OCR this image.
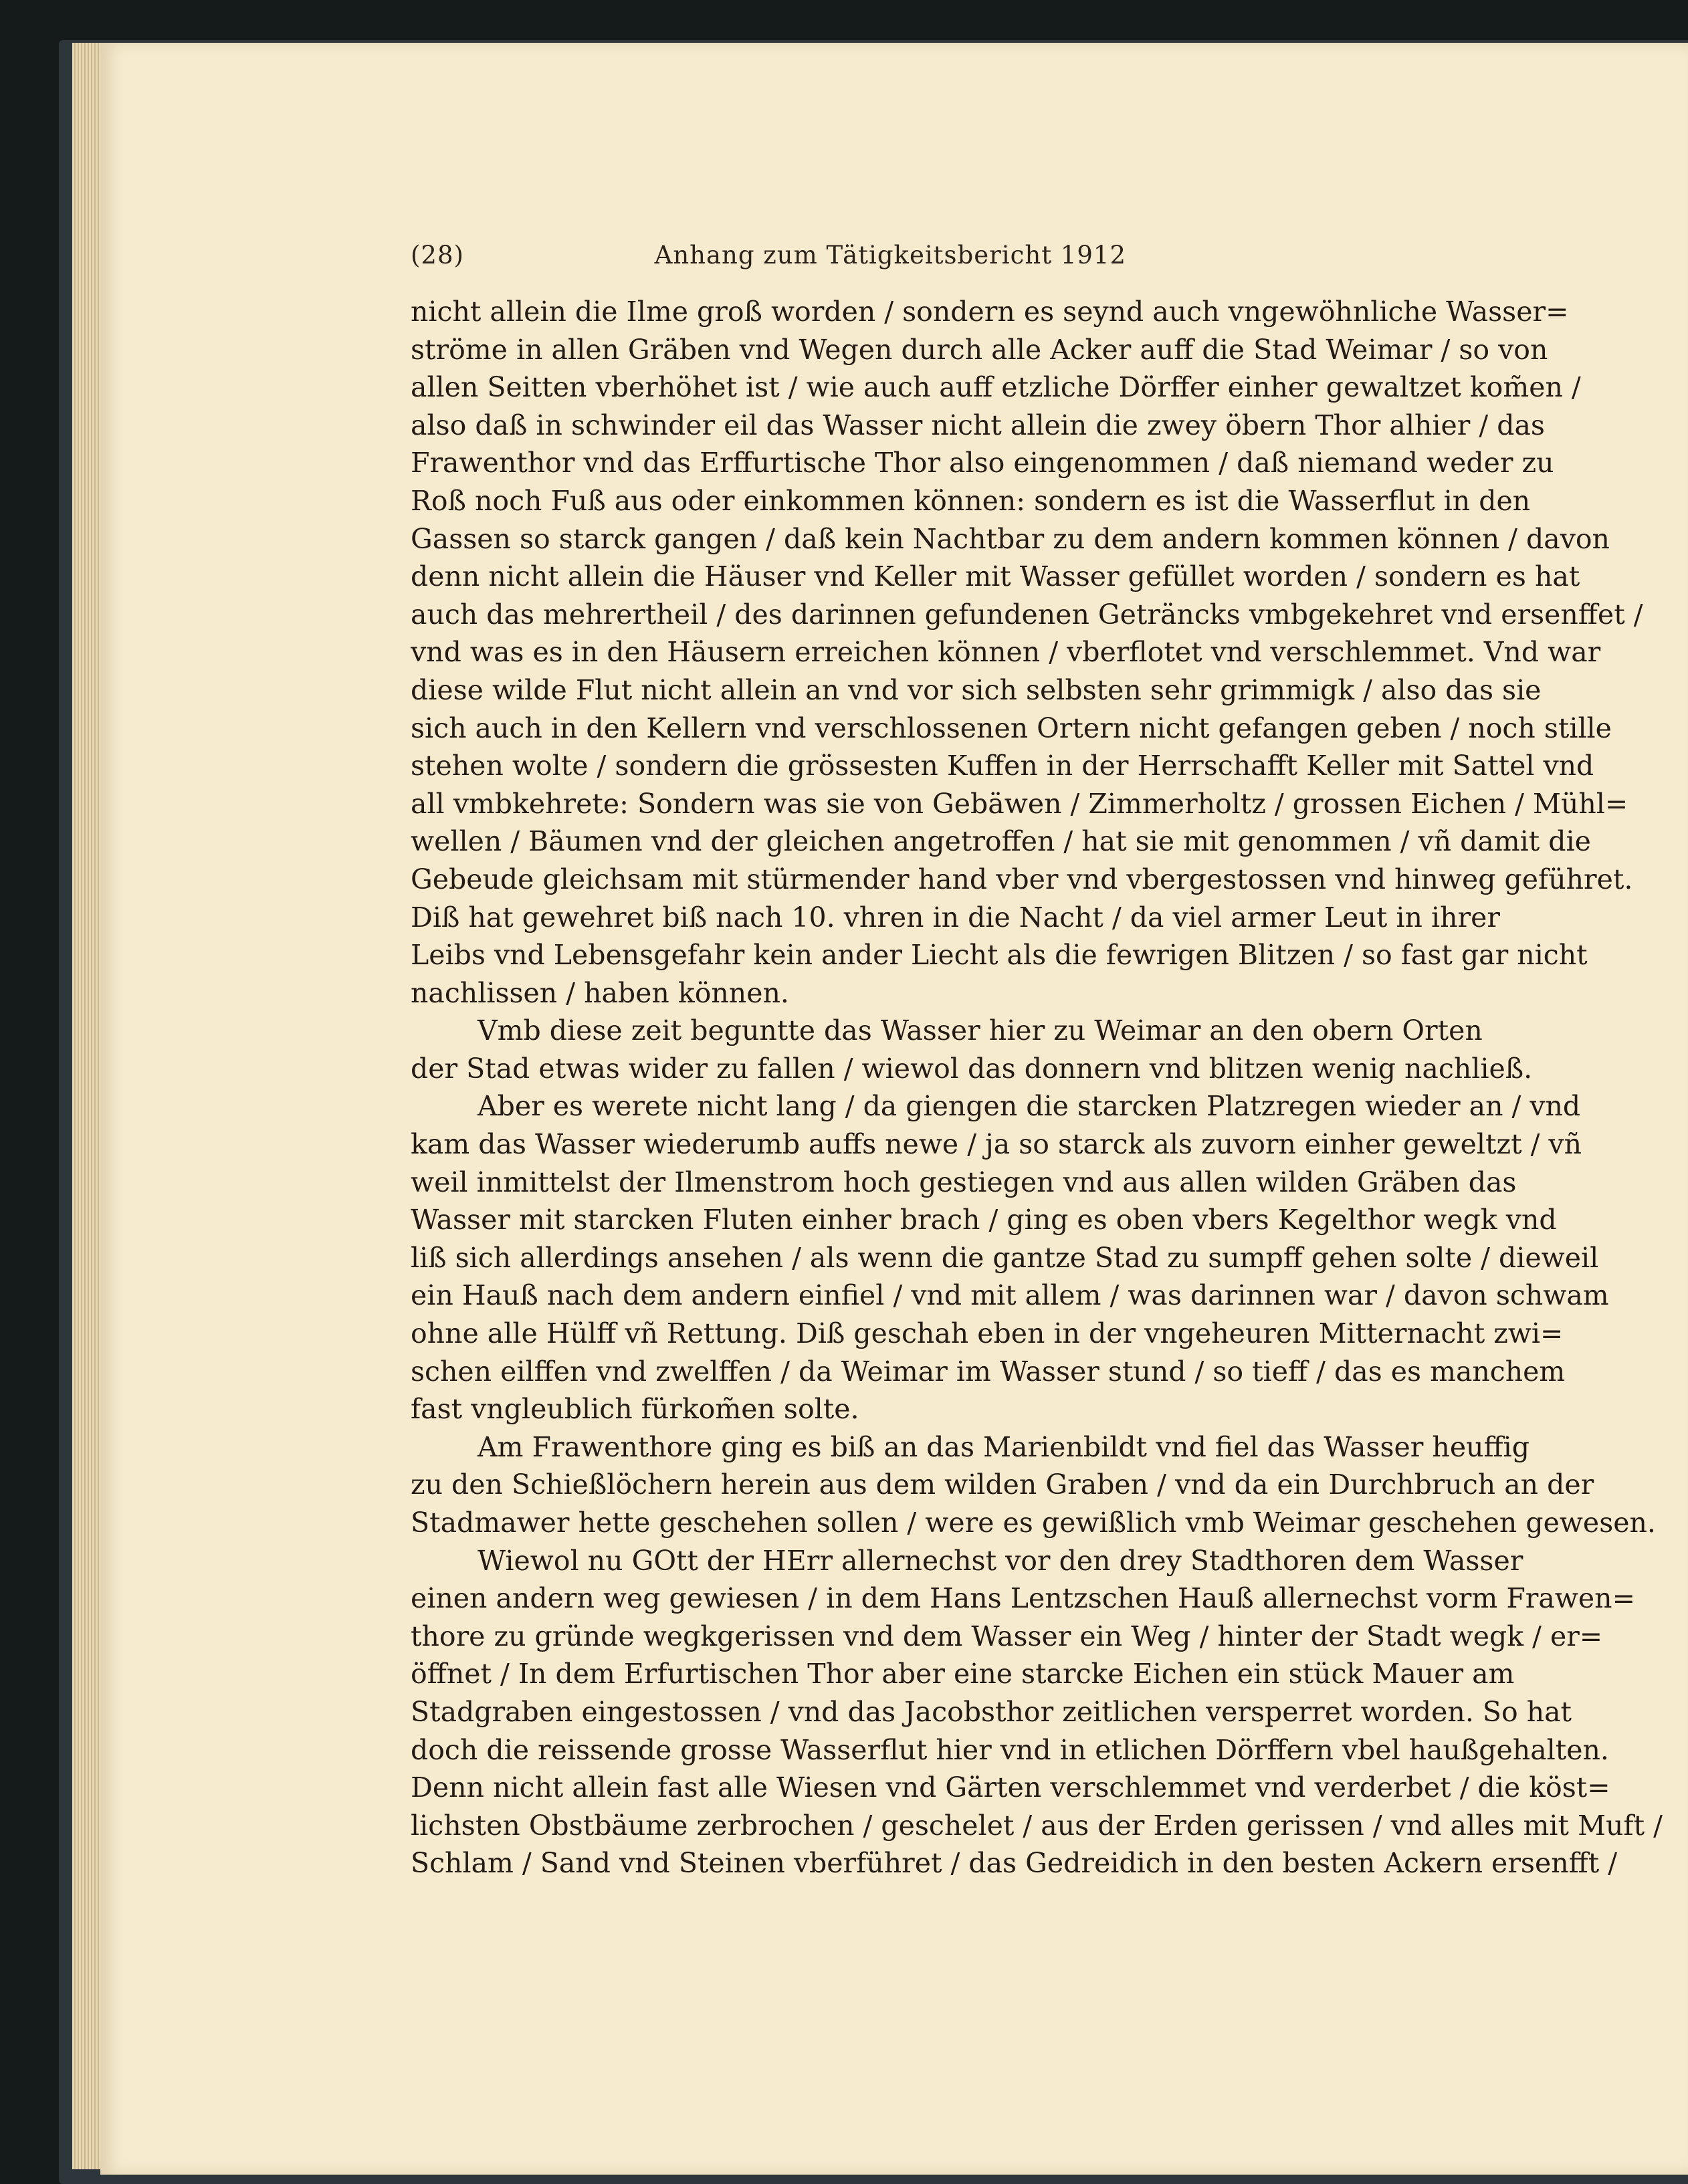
(28)	Anhang zum Tätigkeitsbericht 1912
nicht allein die Ilme groß worden / sondern es seynd auch vngewöhnliche Wasser=
ströme in allen Gräben vnd Wegen durch alle Acker auff die Stad Weimar / so von
allen Seitten vberhöhet ist / wie auch auff etzliche Dörffer einher gewaltzet kom̃en /
also daß in schwinder eil das Wasser nicht allein die zwey öbern Thor alhier / das
Frawenthor vnd das Erffurtische Thor also eingenommen / daß niemand weder zu
Roß noch Fuß aus oder einkommen können: sondern es ist die Wasserflut in den
Gassen so starck gangen / daß kein Nachtbar zu dem andern kommen können / davon
denn nicht allein die Häuser vnd Keller mit Wasser gefüllet worden / sondern es hat
auch das mehrertheil / des darinnen gefundenen Geträncks vmbgekehret vnd ersenffet /
vnd was es in den Häusern erreichen können / vberflotet vnd verschlemmet. Vnd war
diese wilde Flut nicht allein an vnd vor sich selbsten sehr grimmigk / also das sie
sich auch in den Kellern vnd verschlossenen Ortern nicht gefangen geben / noch stille
stehen wolte / sondern die grössesten Kuffen in der Herrschafft Keller mit Sattel vnd
all vmbkehrete: Sondern was sie von Gebäwen / Zimmerholtz / grossen Eichen / Mühl=
wellen / Bäumen vnd der gleichen angetroffen / hat sie mit genommen / vñ damit die
Gebeude gleichsam mit stürmender hand vber vnd vbergestossen vnd hinweg geführet.
Diß hat gewehret biß nach 10. vhren in die Nacht / da viel armer Leut in ihrer
Leibs vnd Lebensgefahr kein ander Liecht als die fewrigen Blitzen / so fast gar nicht
nachlissen / haben können.
Vmb diese zeit beguntte das Wasser hier zu Weimar an den obern Orten
der Stad etwas wider zu fallen / wiewol das donnern vnd blitzen wenig nachließ.
Aber es werete nicht lang / da giengen die starcken Platzregen wieder an / vnd
kam das Wasser wiederumb auffs newe / ja so starck als zuvorn einher geweltzt / vñ
weil inmittelst der Ilmenstrom hoch gestiegen vnd aus allen wilden Gräben das
Wasser mit starcken Fluten einher brach / ging es oben vbers Kegelthor wegk vnd
liß sich allerdings ansehen / als wenn die gantze Stad zu sumpff gehen solte / dieweil
ein Hauß nach dem andern einfiel / vnd mit allem / was darinnen war / davon schwam
ohne alle Hülff vñ Rettung. Diß geschah eben in der vngeheuren Mitternacht zwi=
schen eilffen vnd zwelffen / da Weimar im Wasser stund / so tieff / das es manchem
fast vngleublich fürkom̃en solte.
Am Frawenthore ging es biß an das Marienbildt vnd fiel das Wasser heuffig
zu den Schießlöchern herein aus dem wilden Graben / vnd da ein Durchbruch an der
Stadmawer hette geschehen sollen / were es gewißlich vmb Weimar geschehen gewesen.
Wiewol nu GOtt der HErr allernechst vor den drey Stadthoren dem Wasser
einen andern weg gewiesen / in dem Hans Lentzschen Hauß allernechst vorm Frawen=
thore zu gründe wegkgerissen vnd dem Wasser ein Weg / hinter der Stadt wegk / er=
öffnet / In dem Erfurtischen Thor aber eine starcke Eichen ein stück Mauer am
Stadgraben eingestossen / vnd das Jacobsthor zeitlichen versperret worden. So hat
doch die reissende grosse Wasserflut hier vnd in etlichen Dörffern vbel haußgehalten.
Denn nicht allein fast alle Wiesen vnd Gärten verschlemmet vnd verderbet / die köst=
lichsten Obstbäume zerbrochen / geschelet / aus der Erden gerissen / vnd alles mit Muft /
Schlam / Sand vnd Steinen vberführet / das Gedreidich in den besten Ackern ersenfft /
